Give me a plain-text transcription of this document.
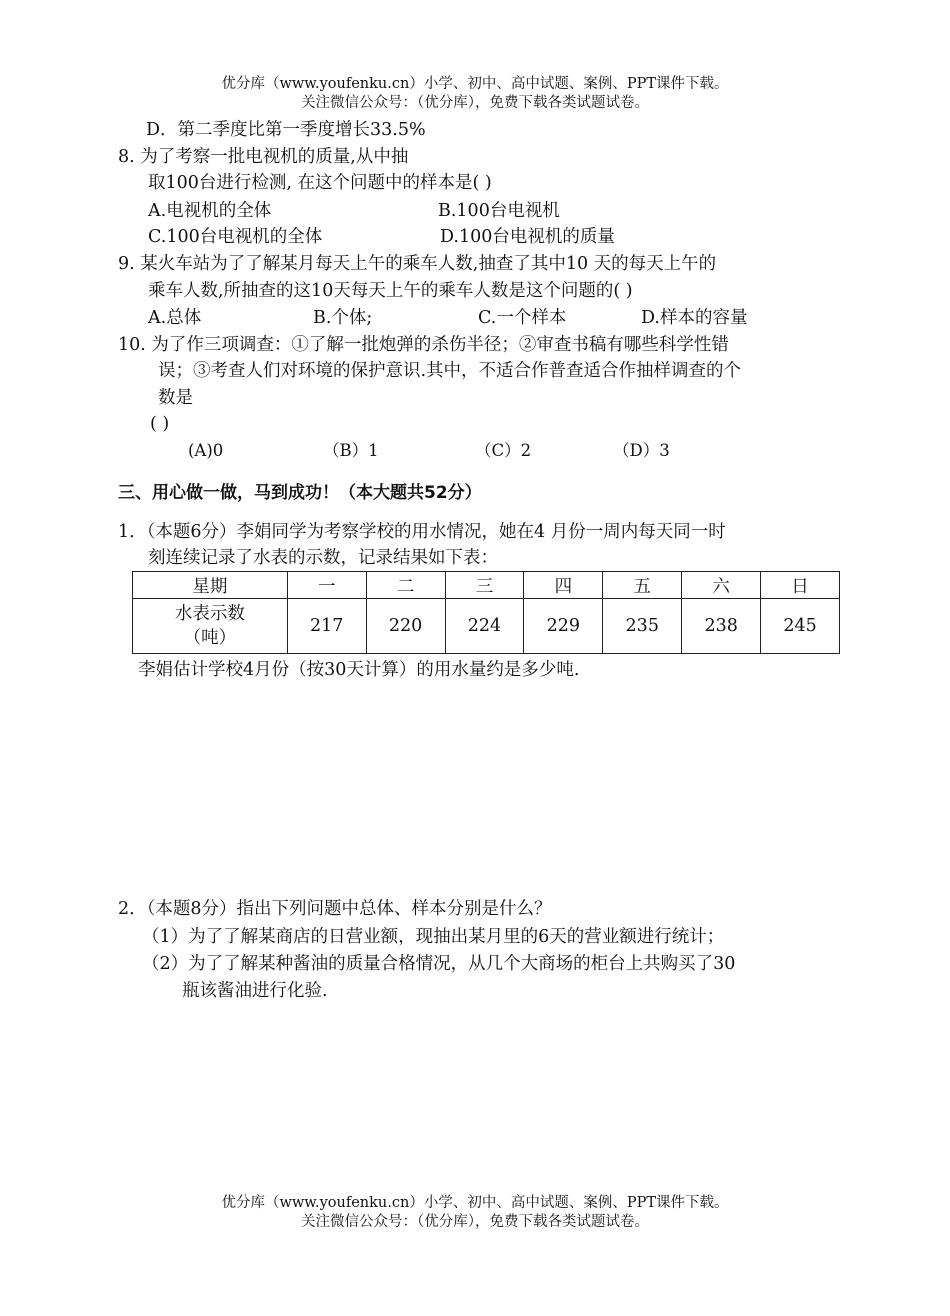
优分库（www.youfenku.cn）小学、初中、高中试题、案例、PPT课件下载。
关注微信公众号：（优分库），免费下载各类试题试卷。
D．第二季度比第一季度增长33.5%
8. 为了考察一批电视机的质量,从中抽
取100台进行检测, 在这个问题中的样本是( )
A.电视机的全体	B.100台电视机
C.100台电视机的全体	D.100台电视机的质量
9. 某火车站为了了解某月每天上午的乘车人数,抽查了其中10 天的每天上午的
乘车人数,所抽查的这10天每天上午的乘车人数是这个问题的( )
A.总体	B.个体;	C.一个样本	D.样本的容量
10. 为了作三项调查：①了解一批炮弹的杀伤半径；②审查书稿有哪些科学性错
误；③考查人们对环境的保护意识.其中，不适合作普查适合作抽样调查的个
数是
( )
(A)0	（B）1	（C）2	（D）3
三、用心做一做，马到成功！（本大题共52分）
1．（本题6分）李娟同学为考察学校的用水情况，她在4 月份一周内每天同一时
刻连续记录了水表的示数，记录结果如下表：
星期	一	二	三	四	五	六	日

水表示数
（吨）	217	220	224	229	235	238	245
李娟估计学校4月份（按30天计算）的用水量约是多少吨.
2．（本题8分）指出下列问题中总体、样本分别是什么？
（1）为了了解某商店的日营业额，现抽出某月里的6天的营业额进行统计；
（2）为了了解某种酱油的质量合格情况，从几个大商场的柜台上共购买了30
瓶该酱油进行化验.
优分库（www.youfenku.cn）小学、初中、高中试题、案例、PPT课件下载。
关注微信公众号：（优分库），免费下载各类试题试卷。
